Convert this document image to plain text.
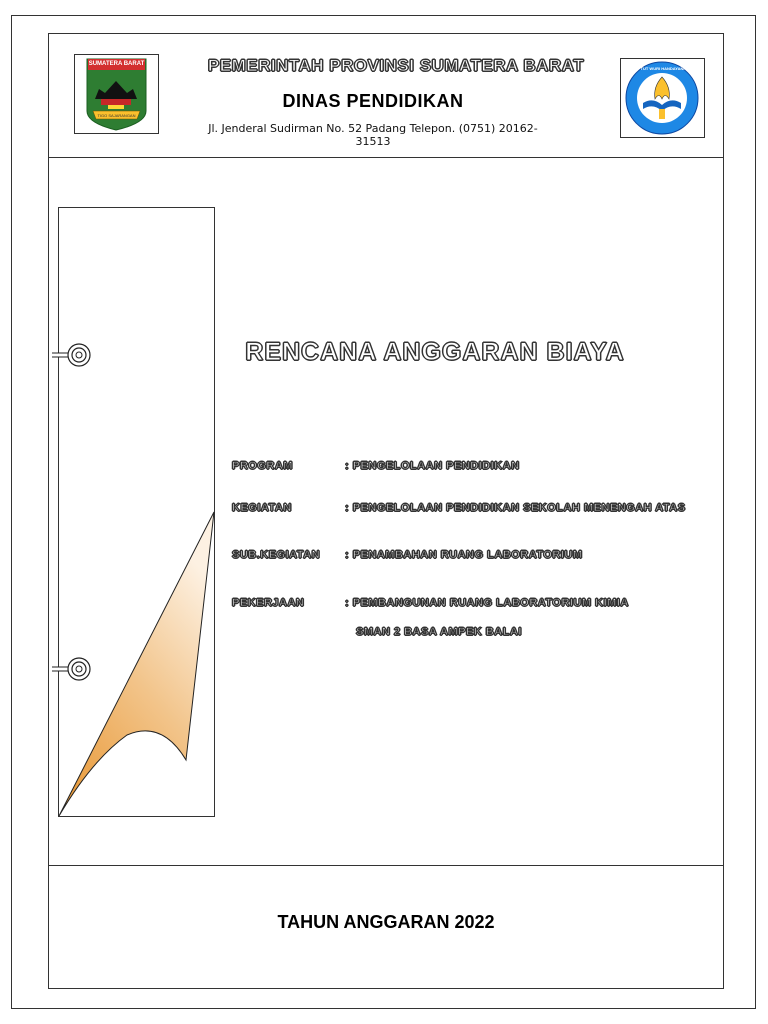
SUMATERA BARAT
TIGO SAJARANGAN
PEMERINTAH PROVINSI SUMATERA BARAT
DINAS PENDIDIKAN
Jl. Jenderal Sudirman No. 52 Padang Telepon. (0751) 20162-31513
TUT WURI HANDAYANI
RENCANA ANGGARAN BIAYA
PROGRAM	: PENGELOLAAN PENDIDIKAN
KEGIATAN	: PENGELOLAAN PENDIDIKAN SEKOLAH MENENGAH ATAS
SUB.KEGIATAN : PENAMBAHAN RUANG LABORATORIUM
PEKERJAAN	: PEMBANGUNAN RUANG LABORATORIUM KIMIA
SMAN 2 BASA AMPEK BALAI
TAHUN ANGGARAN 2022
